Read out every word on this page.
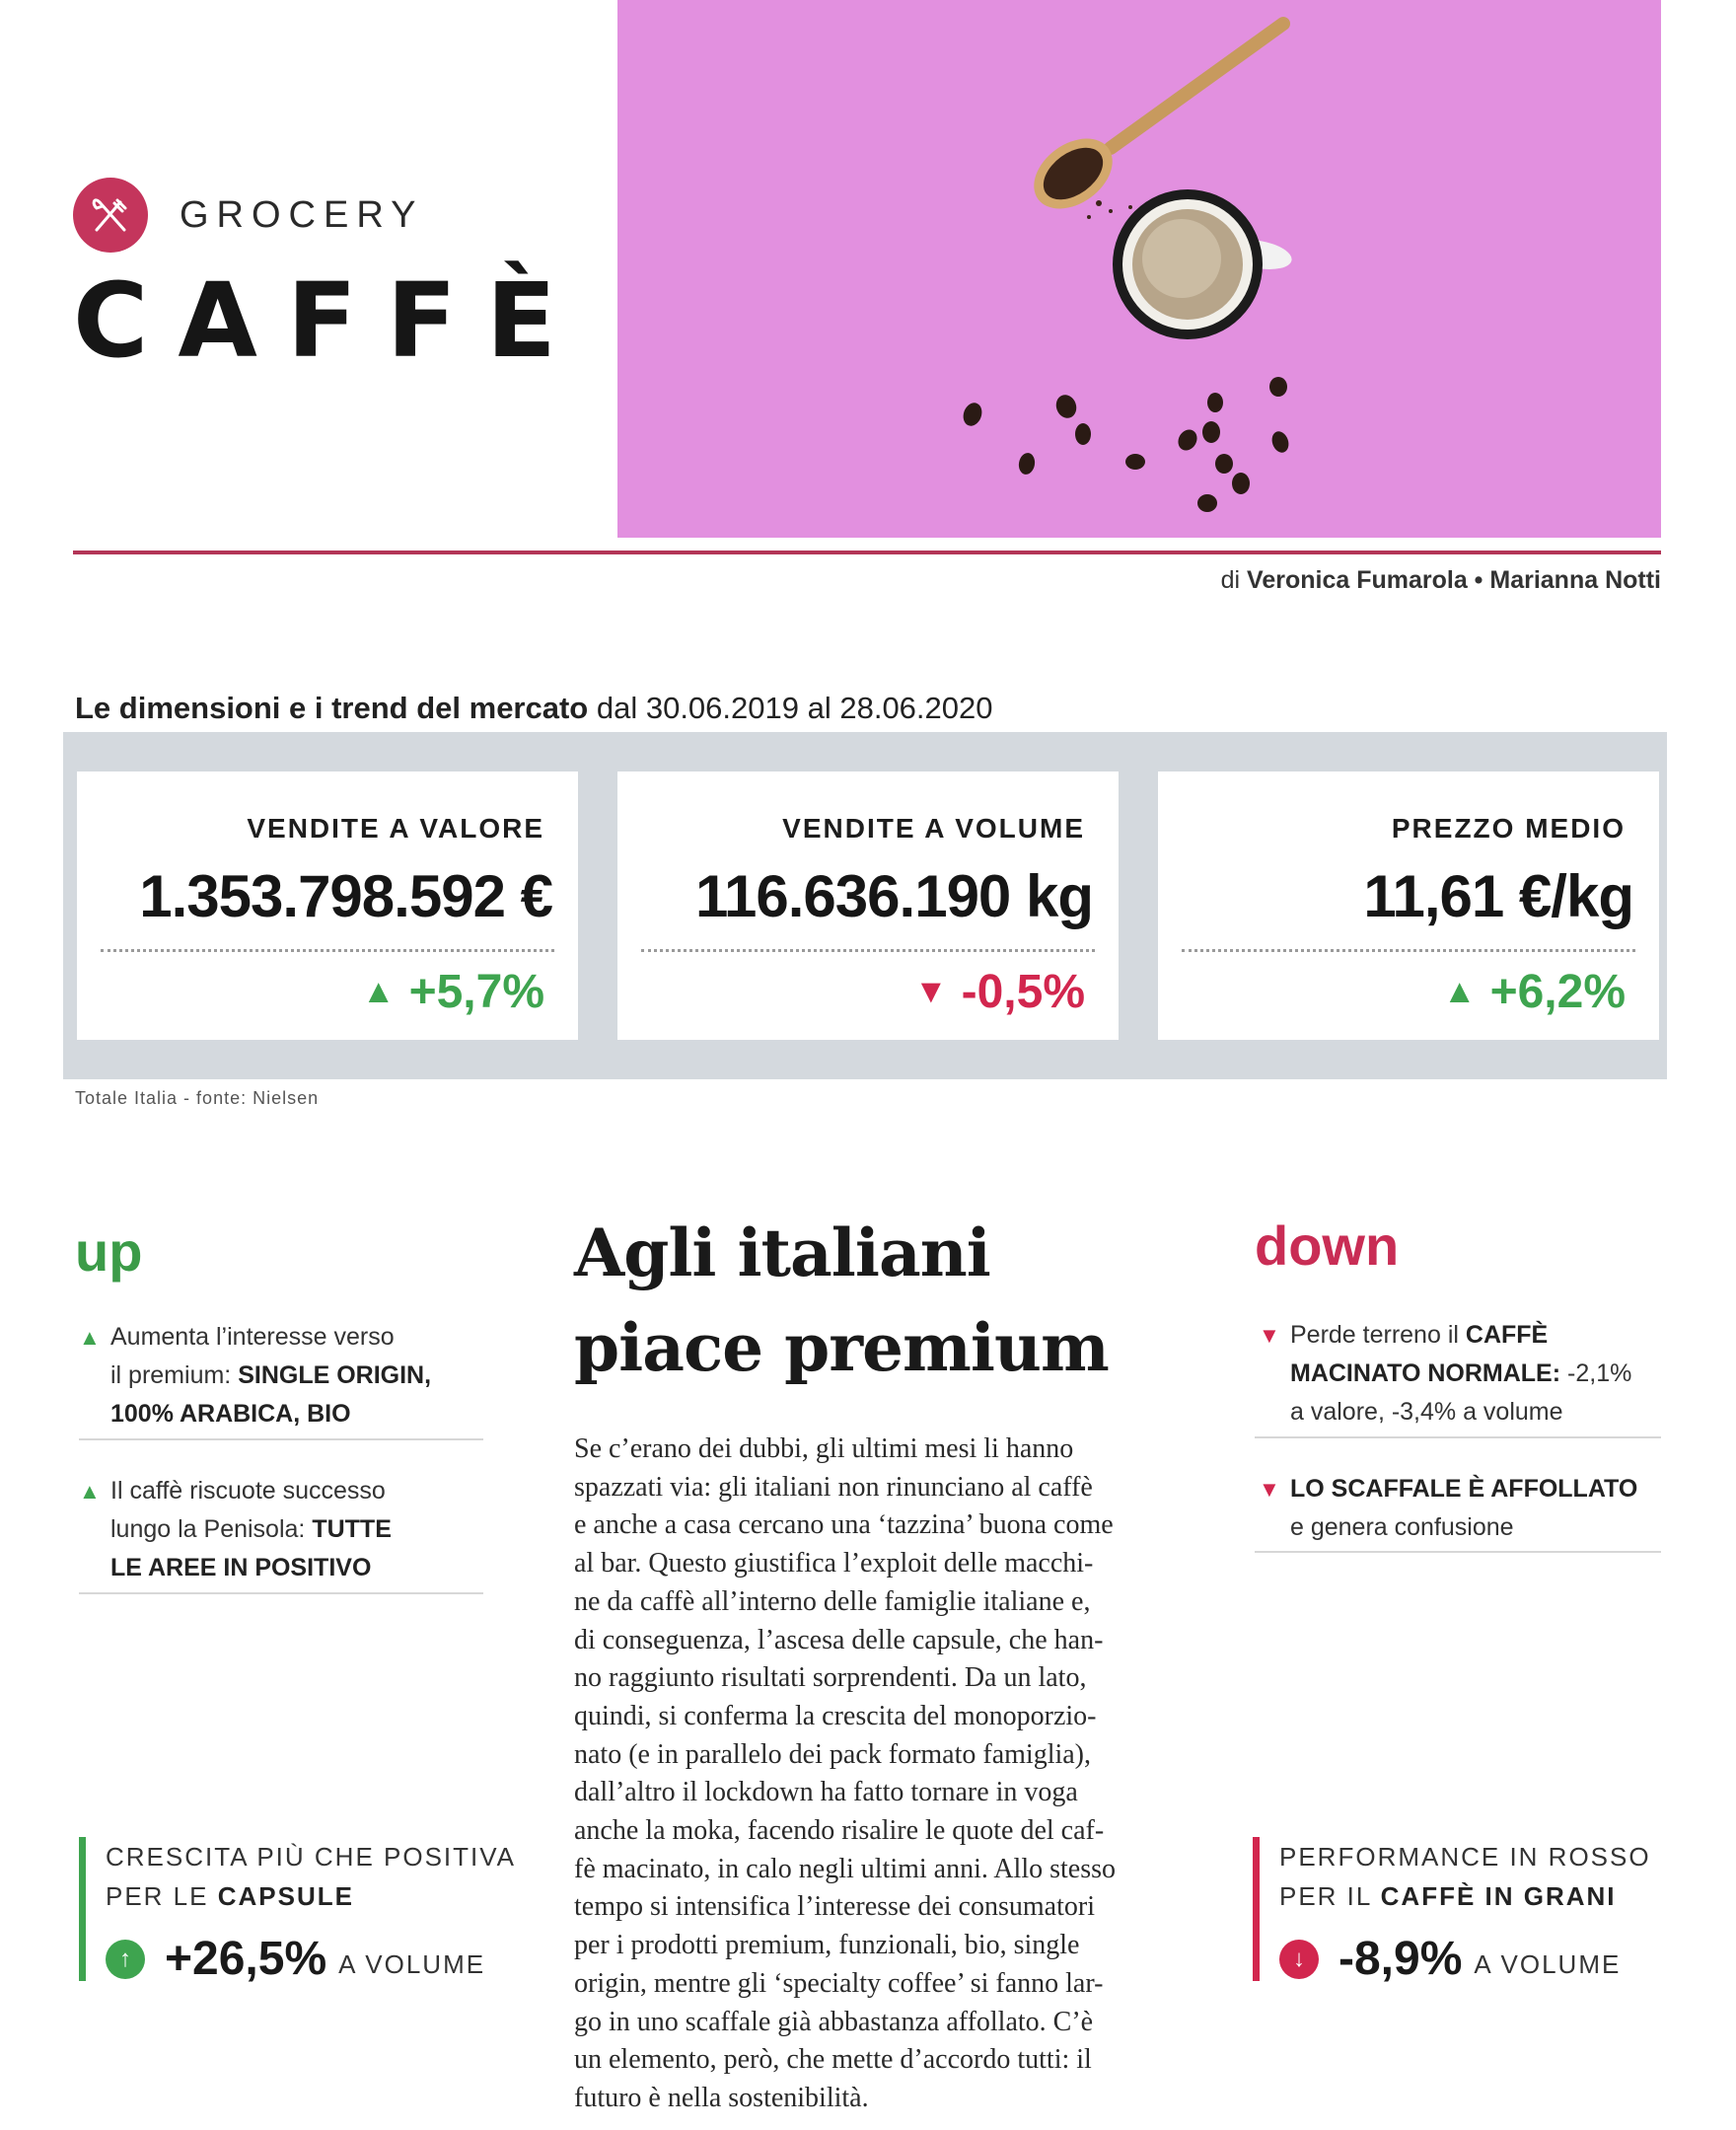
GROCERY
CAFFÈ
di Veronica Fumarola • Marianna Notti
Le dimensioni e i trend del mercato dal 30.06.2019 al 28.06.2020
VENDITE A VALORE
1.353.798.592 €
▲ +5,7%
VENDITE A VOLUME
116.636.190 kg
▼ -0,5%
PREZZO MEDIO
11,61 €/kg
▲ +6,2%
Totale Italia - fonte: Nielsen
up
▲ Aumenta l’interesse verso
il premium: SINGLE ORIGIN,
100% ARABICA, BIO
▲ Il caffè riscuote successo
lungo la Penisola: TUTTE
LE AREE IN POSITIVO
CRESCITA PIÙ CHE POSITIVA
PER LE CAPSULE
↑ +26,5% A VOLUME
Agli italiani
piace premium
Se c’erano dei dubbi, gli ultimi mesi li hanno
spazzati via: gli italiani non rinunciano al caffè
e anche a casa cercano una ‘tazzina’ buona come
al bar. Questo giustifica l’exploit delle macchi-
ne da caffè all’interno delle famiglie italiane e,
di conseguenza, l’ascesa delle capsule, che han-
no raggiunto risultati sorprendenti. Da un lato,
quindi, si conferma la crescita del monoporzio-
nato (e in parallelo dei pack formato famiglia),
dall’altro il lockdown ha fatto tornare in voga
anche la moka, facendo risalire le quote del caf-
fè macinato, in calo negli ultimi anni. Allo stesso
tempo si intensifica l’interesse dei consumatori
per i prodotti premium, funzionali, bio, single
origin, mentre gli ‘specialty coffee’ si fanno lar-
go in uno scaffale già abbastanza affollato. C’è
un elemento, però, che mette d’accordo tutti: il
futuro è nella sostenibilità.
down
▼ Perde terreno il CAFFÈ
MACINATO NORMALE: -2,1%
a valore, -3,4% a volume
▼ LO SCAFFALE È AFFOLLATO
e genera confusione
PERFORMANCE IN ROSSO
PER IL CAFFÈ IN GRANI
↓ -8,9% A VOLUME
